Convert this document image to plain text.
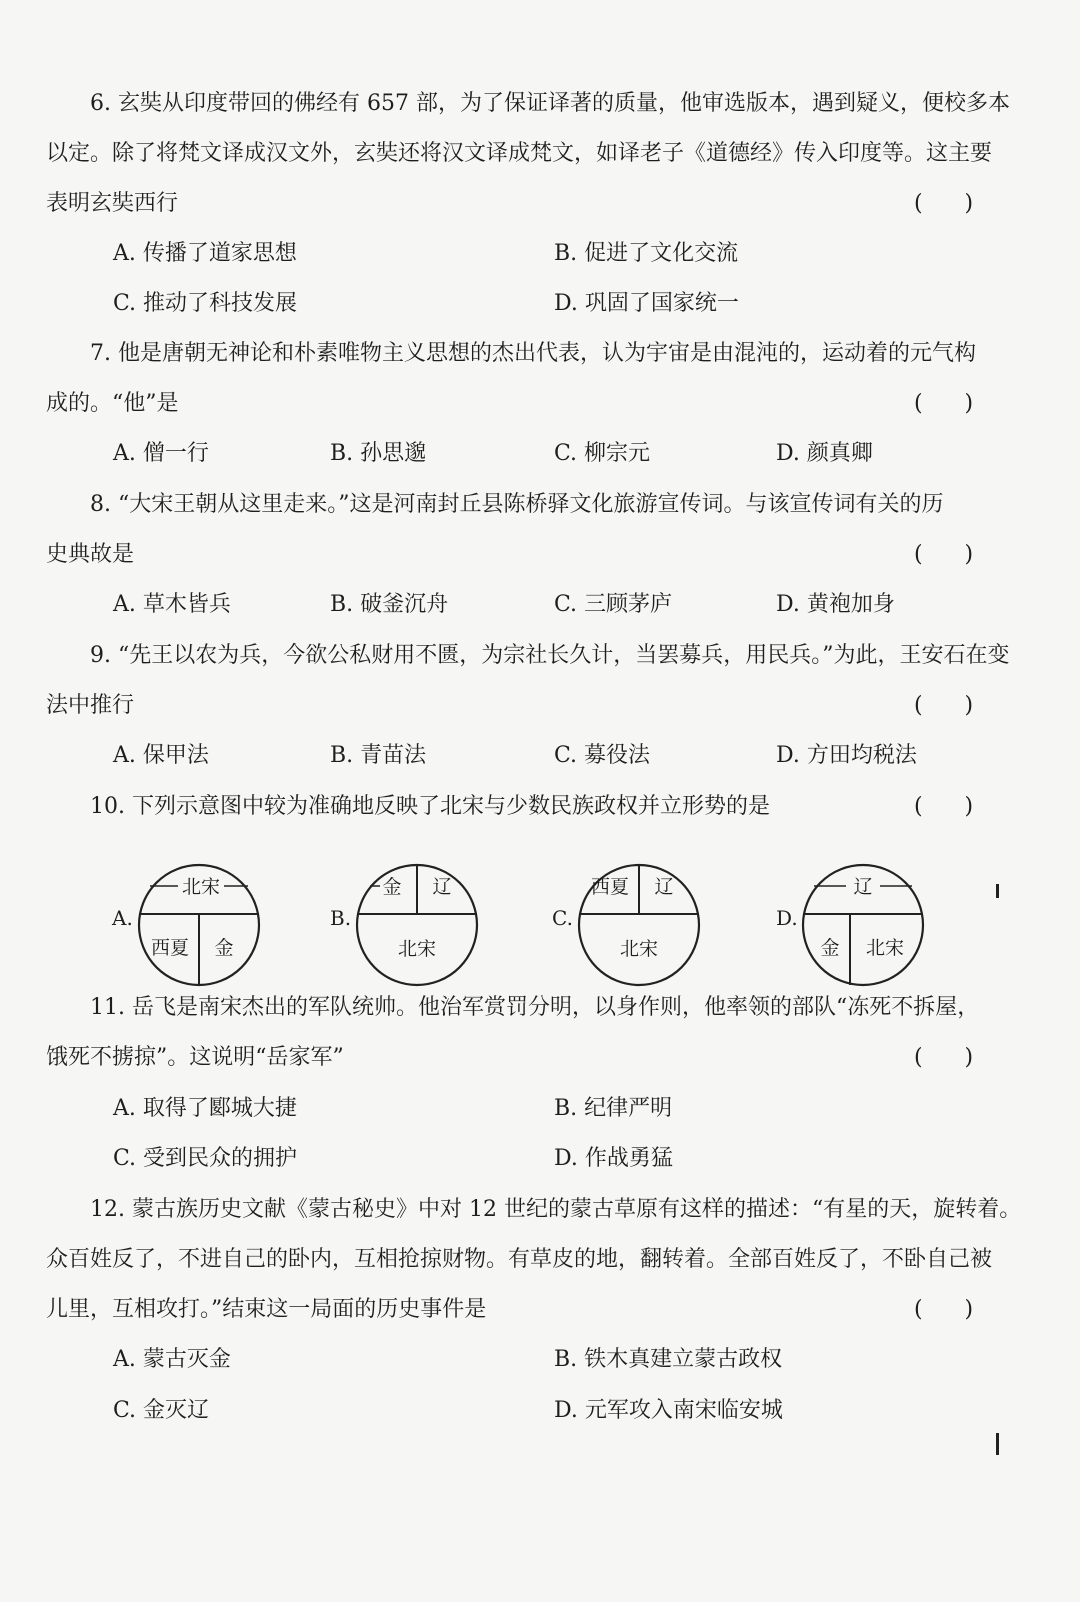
6. 玄奘从印度带回的佛经有 657 部，为了保证译著的质量，他审选版本，遇到疑义，便校多本
以定。除了将梵文译成汉文外，玄奘还将汉文译成梵文，如译老子《道德经》传入印度等。这主要
表明玄奘西行	(      )
A. 传播了道家思想	B. 促进了文化交流
C. 推动了科技发展	D. 巩固了国家统一
7. 他是唐朝无神论和朴素唯物主义思想的杰出代表，认为宇宙是由混沌的，运动着的元气构
成的。“他”是	(      )
A. 僧一行	B. 孙思邈	C. 柳宗元	D. 颜真卿
8. “大宋王朝从这里走来。”这是河南封丘县陈桥驿文化旅游宣传词。与该宣传词有关的历
史典故是	(      )
A. 草木皆兵	B. 破釜沉舟	C. 三顾茅庐	D. 黄袍加身
9. “先王以农为兵，今欲公私财用不匮，为宗社长久计，当罢募兵，用民兵。”为此，王安石在变
法中推行	(      )
A. 保甲法	B. 青苗法	C. 募役法	D. 方田均税法
10. 下列示意图中较为准确地反映了北宋与少数民族政权并立形势的是	(      )
A.
北宋
西夏 金
B.
金 辽
北宋
C.
西夏 辽
北宋
D.
辽
金 北宋
11. 岳飞是南宋杰出的军队统帅。他治军赏罚分明，以身作则，他率领的部队“冻死不拆屋，
饿死不掳掠”。这说明“岳家军”	(      )
A. 取得了郾城大捷	B. 纪律严明
C. 受到民众的拥护	D. 作战勇猛
12. 蒙古族历史文献《蒙古秘史》中对 12 世纪的蒙古草原有这样的描述：“有星的天，旋转着。
众百姓反了，不进自己的卧内，互相抢掠财物。有草皮的地，翻转着。全部百姓反了，不卧自己被
儿里，互相攻打。”结束这一局面的历史事件是	(      )
A. 蒙古灭金	B. 铁木真建立蒙古政权
C. 金灭辽	D. 元军攻入南宋临安城
